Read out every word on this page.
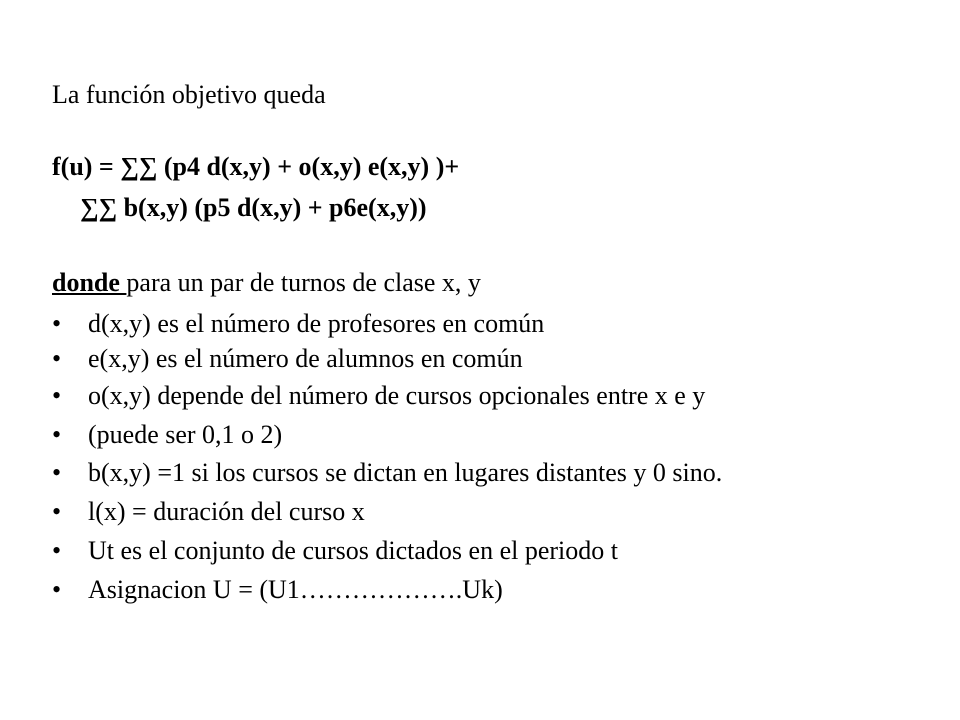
La función objetivo queda
f(u) = ∑∑ (p4 d(x,y) + o(x,y) e(x,y) )+
∑∑ b(x,y) (p5 d(x,y) + p6e(x,y))
donde para un par de turnos de clase x, y
• d(x,y) es el número de profesores en común
• e(x,y) es el número de alumnos en común
• o(x,y) depende del número de cursos opcionales entre x e y
• (puede ser 0,1 o 2)
• b(x,y) =1 si los cursos se dictan en lugares distantes y 0 sino.
• l(x) = duración del curso x
• Ut es el conjunto de cursos dictados en el periodo t
• Asignacion U = (U1……………….Uk)
